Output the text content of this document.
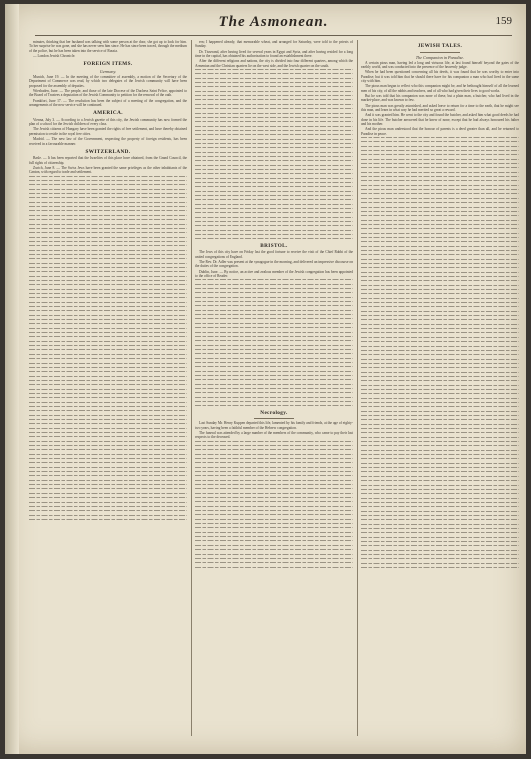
The Asmonean.	159

minutes, thinking that her husband was talking with some person at the door, she got up to look for him. To her surprise he was gone, and she has never seen him since. He has since been traced, through the medium of the police, but he has been taken into the service of Russia.

— London Jewish Chronicle.

FOREIGN ITEMS.
Germany.

Munich, June 19. — In the meeting of the committee of assembly, a motion of the Secretary of the Department of Commerce was read, by which two delegates of the Jewish community will have been proposed for the assembly of deputies.

Wiesbaden, June. — The people, and those of the late Diocese of the Duchess Saint Felice, appointed to the Board of Trustees a deputation of the Jewish Community to petition for the removal of the oath.

Frankfort, June 17. — The resolution has been the subject of a meeting of the congregation, and the arrangements of the new service will be continued.

AMERICA.

Vienna, July 3. — According to a Jewish gazette of this city, the Jewish community has now formed the plan of a school for the Jewish children of every class.

The Jewish citizens of Hungary have been granted the rights of free settlement, and have thereby obtained permission to reside in the royal free cities.

Madrid. — The new law of the Government, respecting the property of foreign residents, has been received in a favourable manner.

SWITZERLAND.

Basle. — It has been reported that the Israelites of this place have obtained, from the Grand Council, the full rights of citizenship.

Zurich, June 8. — The Swiss Jews have been granted the same privileges as the other inhabitants of the Canton, with regard to trade and settlement.

ern; I happened already, that memorable wheat, and arranged for Saturday, were told to the priests of Sunday.

Dr. Tisserand, after having lived for several years in Egypt and Syria, and after having resided for a long time in the capital, has obtained his authorisation to found an establishment there.

After the different religions and nations, the city is divided into four different quarters, among which the Armenian and the Christian quarters lie on the west side, and the Jewish quarter on the south.

BRISTOL.

The Jews of this city have on Friday last the good fortune to receive the visit of the Chief Rabbi of the united congregations of England.

The Rev. Dr. Adler was present at the synagogue in the morning, and delivered an impressive discourse on the duties of the congregation.

Dublin, June. — By notice, an active and zealous member of the Jewish congregation has been appointed to the office of Reader.

Necrology.

Last Sunday Mr. Henry Kuppen departed this life, lamented by his family and friends, at the age of eighty-two years, having been a faithful member of the Hebrew congregation.

The funeral was attended by a large number of the members of the community, who came to pay their last respects to the deceased.

JEWISH TALES.
The Companion in Paradise.

A certain pious man, having led a long and virtuous life, at last found himself beyond the gates of the earthly world, and was conducted into the presence of the heavenly judge.

When he had been questioned concerning all his deeds, it was found that he was worthy to enter into Paradise; but it was told him that he should there have for his companion a man who had lived in the same city with him.

The pious man began to reflect who this companion might be, and he bethought himself of all the learned men of his city, of all the rabbis and teachers, and of all who had given their lives to good works.

But he was told that his companion was none of these, but a plain man, a butcher, who had lived in the market-place, and was known to few.

The pious man was greatly astonished, and asked leave to return for a time to the earth, that he might see this man, and learn in what way he had merited so great a reward.

And it was granted him. He went to the city and found the butcher, and asked him what good deeds he had done in his life. The butcher answered that he knew of none, except that he had always honoured his father and his mother.

And the pious man understood that the honour of parents is a deed greater than all, and he returned to Paradise in peace.
